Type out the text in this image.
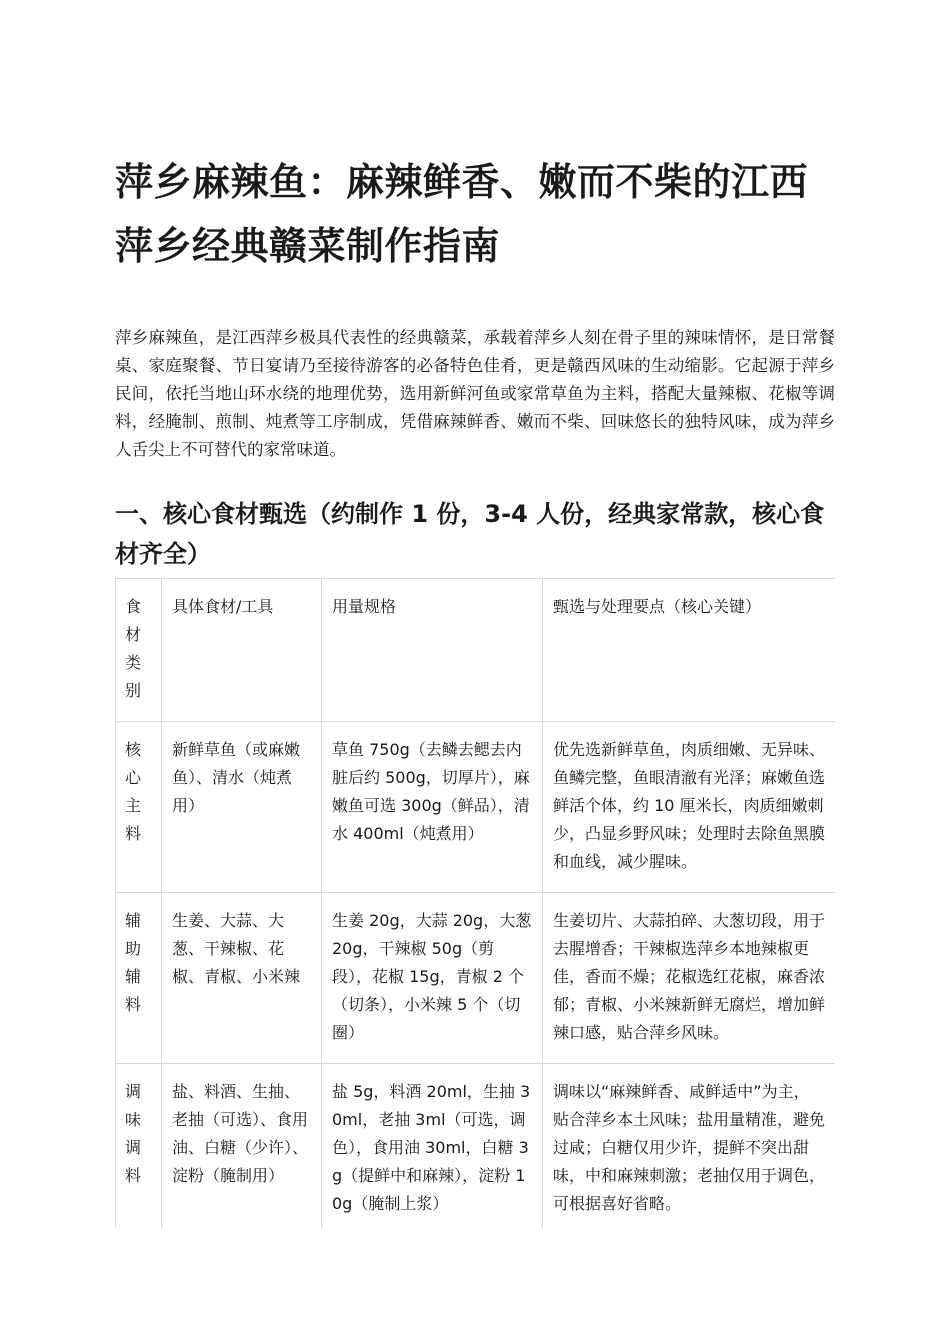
萍乡麻辣鱼：麻辣鲜香、嫩而不柴的江西萍乡经典赣菜制作指南

萍乡麻辣鱼，是江西萍乡极具代表性的经典赣菜，承载着萍乡人刻在骨子里的辣味情怀，是日常餐桌、家庭聚餐、节日宴请乃至接待游客的必备特色佳肴，更是赣西风味的生动缩影。它起源于萍乡民间，依托当地山环水绕的地理优势，选用新鲜河鱼或家常草鱼为主料，搭配大量辣椒、花椒等调料，经腌制、煎制、炖煮等工序制成，凭借麻辣鲜香、嫩而不柴、回味悠长的独特风味，成为萍乡人舌尖上不可替代的家常味道。

一、核心食材甄选（约制作 1 份，3-4 人份，经典家常款，核心食材齐全）
食材类别	具体食材/工具	用量规格	甄选与处理要点（核心关键）
核心主料	新鲜草鱼（或麻嫩鱼）、清水（炖煮用）	草鱼 750g（去鳞去鳃去内脏后约 500g，切厚片），麻嫩鱼可选 300g（鲜品），清水 400ml（炖煮用）	优先选新鲜草鱼，肉质细嫩、无异味、鱼鳞完整，鱼眼清澈有光泽；麻嫩鱼选鲜活个体，约 10 厘米长，肉质细嫩刺少，凸显乡野风味；处理时去除鱼黑膜和血线，减少腥味。
辅助辅料	生姜、大蒜、大葱、干辣椒、花椒、青椒、小米辣	生姜 20g，大蒜 20g，大葱 20g，干辣椒 50g（剪段），花椒 15g，青椒 2 个（切条），小米辣 5 个（切圈）	生姜切片、大蒜拍碎、大葱切段，用于去腥增香；干辣椒选萍乡本地辣椒更佳，香而不燥；花椒选红花椒，麻香浓郁；青椒、小米辣新鲜无腐烂，增加鲜辣口感，贴合萍乡风味。
调味调料	盐、料酒、生抽、老抽（可选）、食用油、白糖（少许）、淀粉（腌制用）	盐 5g，料酒 20ml，生抽 30ml，老抽 3ml（可选，调色），食用油 30ml，白糖 3g（提鲜中和麻辣），淀粉 10g（腌制上浆）	调味以“麻辣鲜香、咸鲜适中”为主，贴合萍乡本土风味；盐用量精准，避免过咸；白糖仅用少许，提鲜不突出甜味，中和麻辣刺激；老抽仅用于调色，可根据喜好省略。
